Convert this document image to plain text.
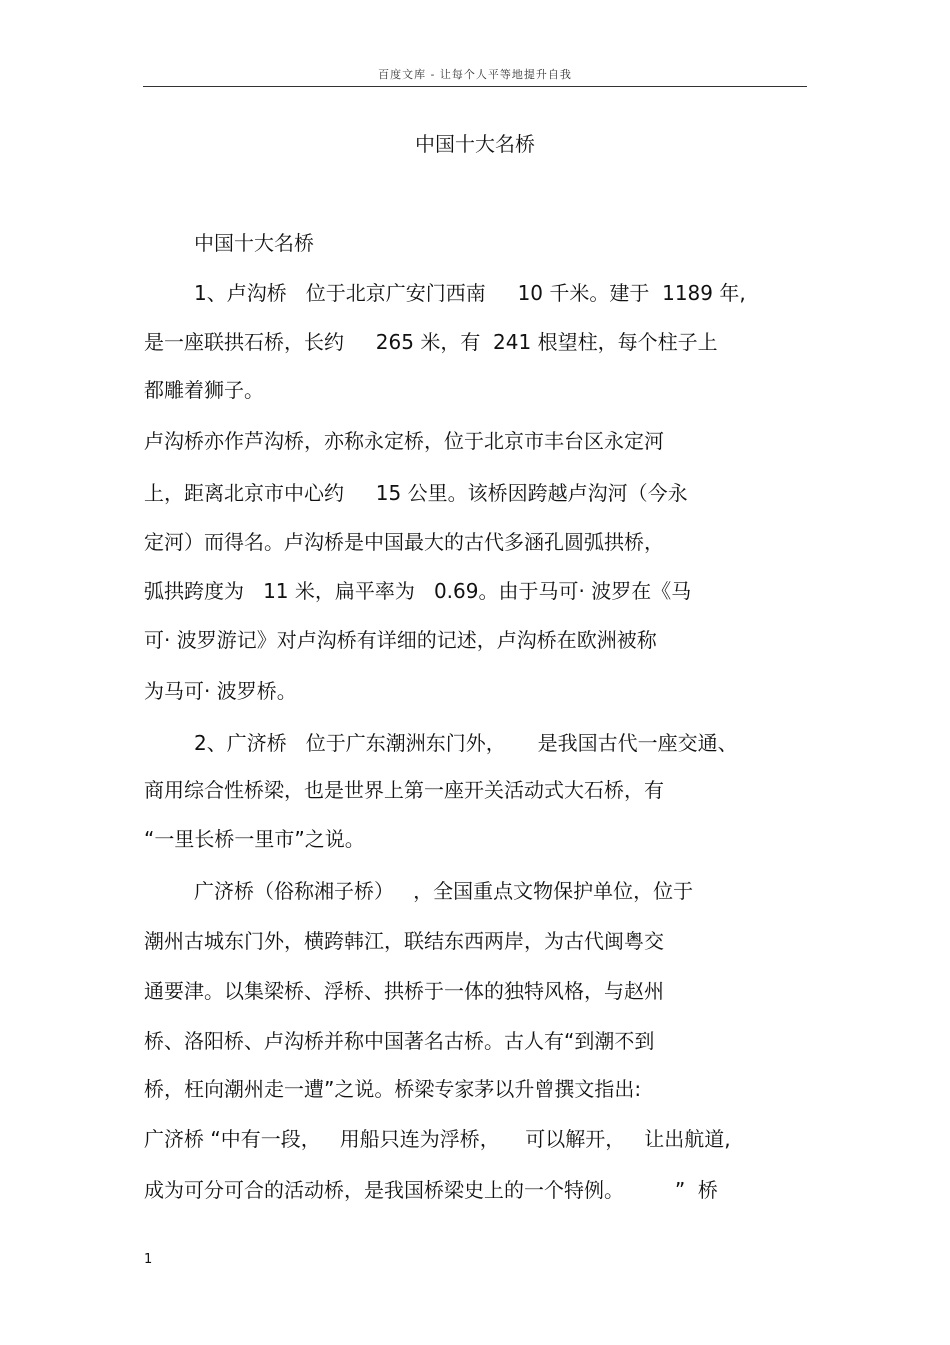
百度文库 - 让每个人平等地提升自我
中国十大名桥
中国十大名桥
1、卢沟桥   位于北京广安门西南     10 千米。建于  1189 年,
是一座联拱石桥，长约     265 米，有  241 根望柱，每个柱子上
都雕着狮子。
卢沟桥亦作芦沟桥，亦称永定桥，位于北京市丰台区永定河
上，距离北京市中心约     15 公里。该桥因跨越卢沟河（今永
定河）而得名。卢沟桥是中国最大的古代多涵孔圆弧拱桥，
弧拱跨度为   11 米，扁平率为   0.69。由于马可· 波罗在《马
可· 波罗游记》对卢沟桥有详细的记述，卢沟桥在欧洲被称
为马可· 波罗桥。
2、广济桥   位于广东潮洲东门外，     是我国古代一座交通、
商用综合性桥梁，也是世界上第一座开关活动式大石桥，有
“一里长桥一里市”之说。
广济桥（俗称湘子桥）   ，全国重点文物保护单位，位于
潮州古城东门外，横跨韩江，联结东西两岸，为古代闽粤交
通要津。以集梁桥、浮桥、拱桥于一体的独特风格，与赵州
桥、洛阳桥、卢沟桥并称中国著名古桥。古人有“到潮不到
桥，枉向潮州走一遭”之说。桥梁专家茅以升曾撰文指出:
广济桥 “中有一段，   用船只连为浮桥，    可以解开，   让出航道,
成为可分可合的活动桥，是我国桥梁史上的一个特例。        ”  桥
1
